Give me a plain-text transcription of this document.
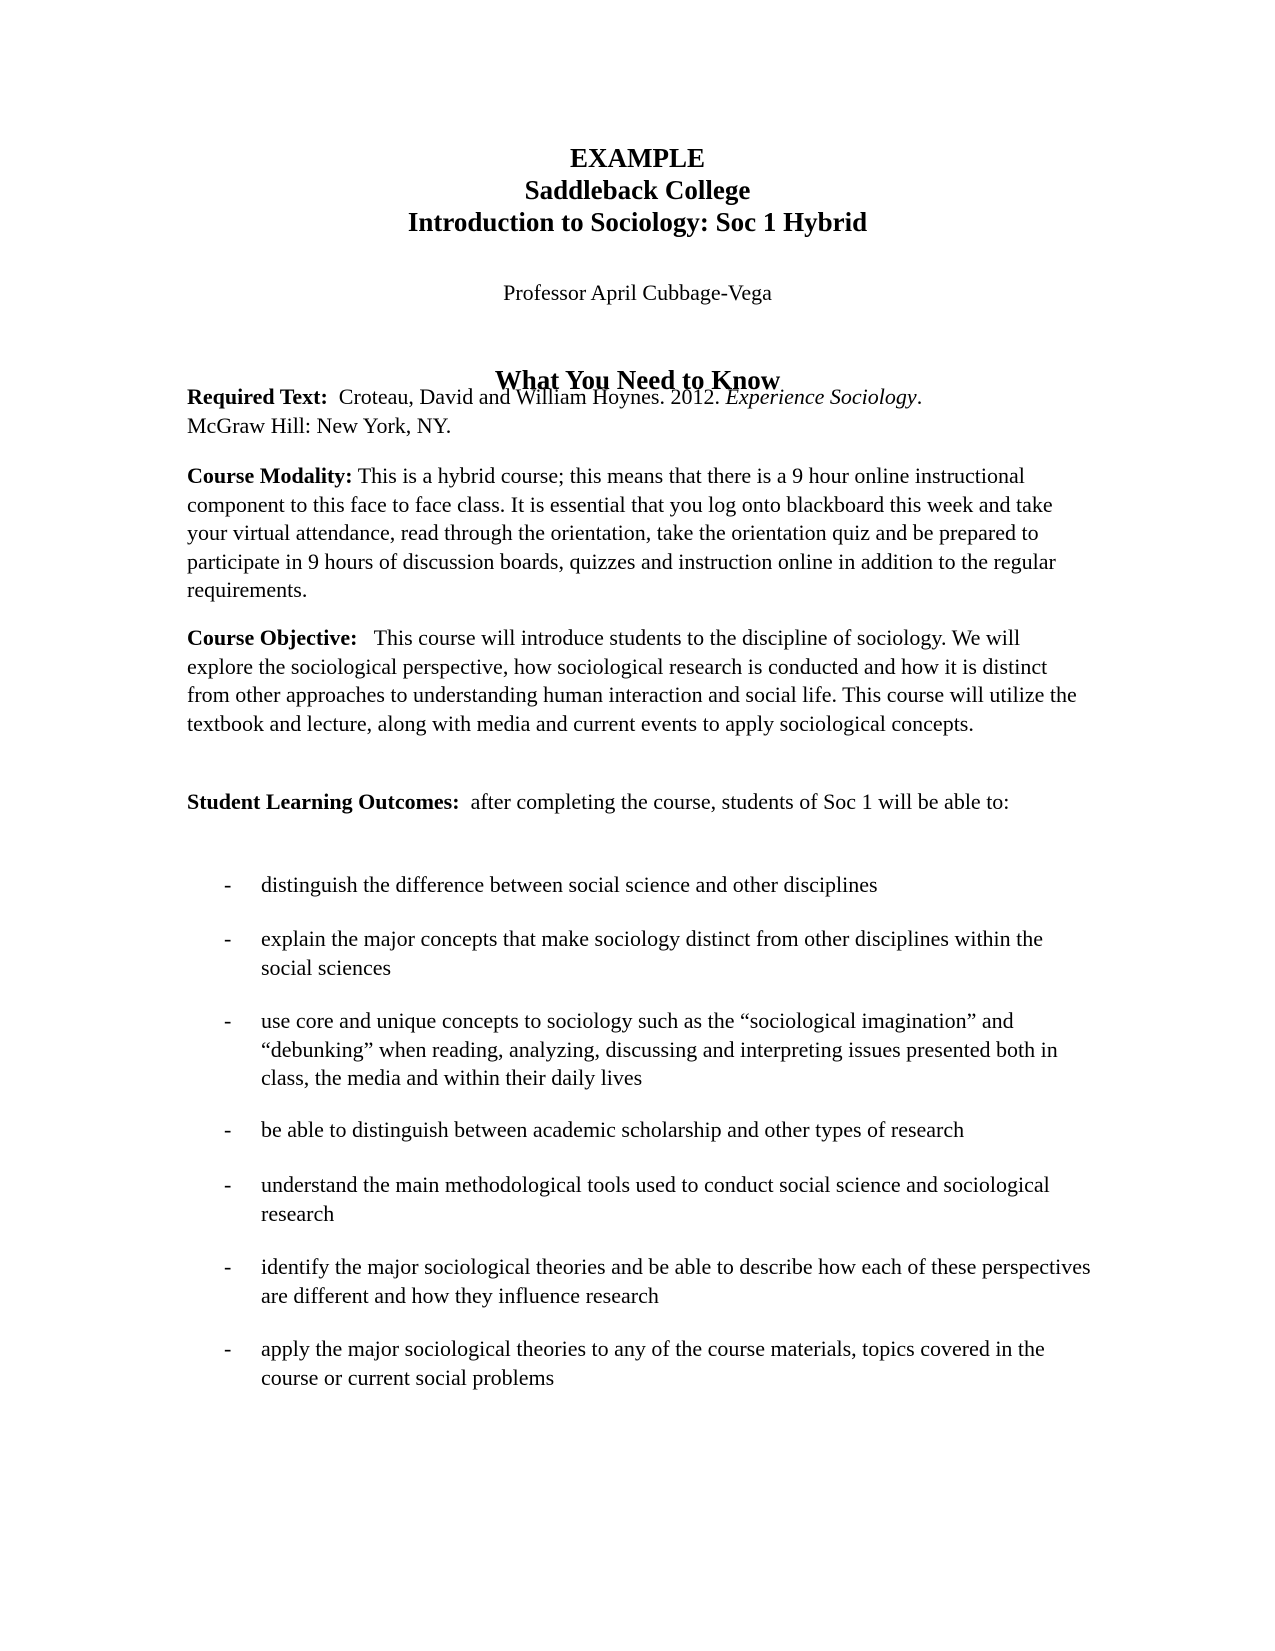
EXAMPLE
Saddleback College
Introduction to Sociology: Soc 1 Hybrid
Professor April Cubbage-Vega
What You Need to Know

Required Text: Croteau, David and William Hoynes. 2012. Experience Sociology.
McGraw Hill: New York, NY.

Course Modality: This is a hybrid course; this means that there is a 9 hour online instructional component to this face to face class. It is essential that you log onto blackboard this week and take your virtual attendance, read through the orientation, take the orientation quiz and be prepared to participate in 9 hours of discussion boards, quizzes and instruction online in addition to the regular requirements.

Course Objective: This course will introduce students to the discipline of sociology. We will explore the sociological perspective, how sociological research is conducted and how it is distinct from other approaches to understanding human interaction and social life. This course will utilize the textbook and lecture, along with media and current events to apply sociological concepts.

Student Learning Outcomes: after completing the course, students of Soc 1 will be able to:

- distinguish the difference between social science and other disciplines
- explain the major concepts that make sociology distinct from other disciplines within the social sciences
- use core and unique concepts to sociology such as the “sociological imagination” and “debunking” when reading, analyzing, discussing and interpreting issues presented both in class, the media and within their daily lives
- be able to distinguish between academic scholarship and other types of research
- understand the main methodological tools used to conduct social science and sociological research
- identify the major sociological theories and be able to describe how each of these perspectives are different and how they influence research
- apply the major sociological theories to any of the course materials, topics covered in the course or current social problems
